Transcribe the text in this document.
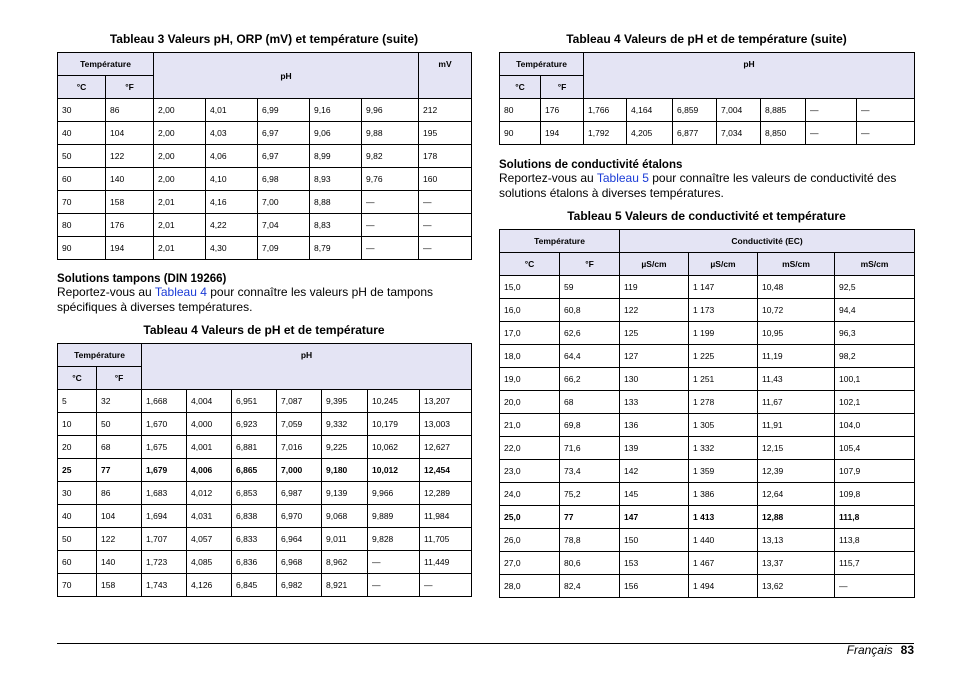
Tableau 3 Valeurs pH, ORP (mV) et température (suite)

Température		pH					mV
°C	°F						
30	86	2,00	4,01	6,99	9,16	9,96	212
40	104	2,00	4,03	6,97	9,06	9,88	195
50	122	2,00	4,06	6,97	8,99	9,82	178
60	140	2,00	4,10	6,98	8,93	9,76	160
70	158	2,01	4,16	7,00	8,88	—	—
80	176	2,01	4,22	7,04	8,83	—	—
90	194	2,01	4,30	7,09	8,79	—	—

Solutions tampons (DIN 19266)

Reportez-vous au Tableau 4 pour connaître les valeurs pH de tampons spécifiques à diverses températures.

Tableau 4 Valeurs de pH et de température

Température		pH						
°C	°F							
5	32	1,668	4,004	6,951	7,087	9,395	10,245	13,207
10	50	1,670	4,000	6,923	7,059	9,332	10,179	13,003
20	68	1,675	4,001	6,881	7,016	9,225	10,062	12,627
25	77	1,679	4,006	6,865	7,000	9,180	10,012	12,454
30	86	1,683	4,012	6,853	6,987	9,139	9,966	12,289
40	104	1,694	4,031	6,838	6,970	9,068	9,889	11,984
50	122	1,707	4,057	6,833	6,964	9,011	9,828	11,705
60	140	1,723	4,085	6,836	6,968	8,962	—	11,449
70	158	1,743	4,126	6,845	6,982	8,921	—	—

Tableau 4 Valeurs de pH et de température (suite)

Température		pH						
°C	°F							
80	176	1,766	4,164	6,859	7,004	8,885	—	—
90	194	1,792	4,205	6,877	7,034	8,850	—	—

Solutions de conductivité étalons

Reportez-vous au Tableau 5 pour connaître les valeurs de conductivité des solutions étalons à diverses températures.

Tableau 5 Valeurs de conductivité et température

Température		Conductivité (EC)			
°C	°F	µS/cm	µS/cm	mS/cm	mS/cm
15,0	59	119	1 147	10,48	92,5
16,0	60,8	122	1 173	10,72	94,4
17,0	62,6	125	1 199	10,95	96,3
18,0	64,4	127	1 225	11,19	98,2
19,0	66,2	130	1 251	11,43	100,1
20,0	68	133	1 278	11,67	102,1
21,0	69,8	136	1 305	11,91	104,0
22,0	71,6	139	1 332	12,15	105,4
23,0	73,4	142	1 359	12,39	107,9
24,0	75,2	145	1 386	12,64	109,8
25,0	77	147	1 413	12,88	111,8
26,0	78,8	150	1 440	13,13	113,8
27,0	80,6	153	1 467	13,37	115,7
28,0	82,4	156	1 494	13,62	—
Français 83
